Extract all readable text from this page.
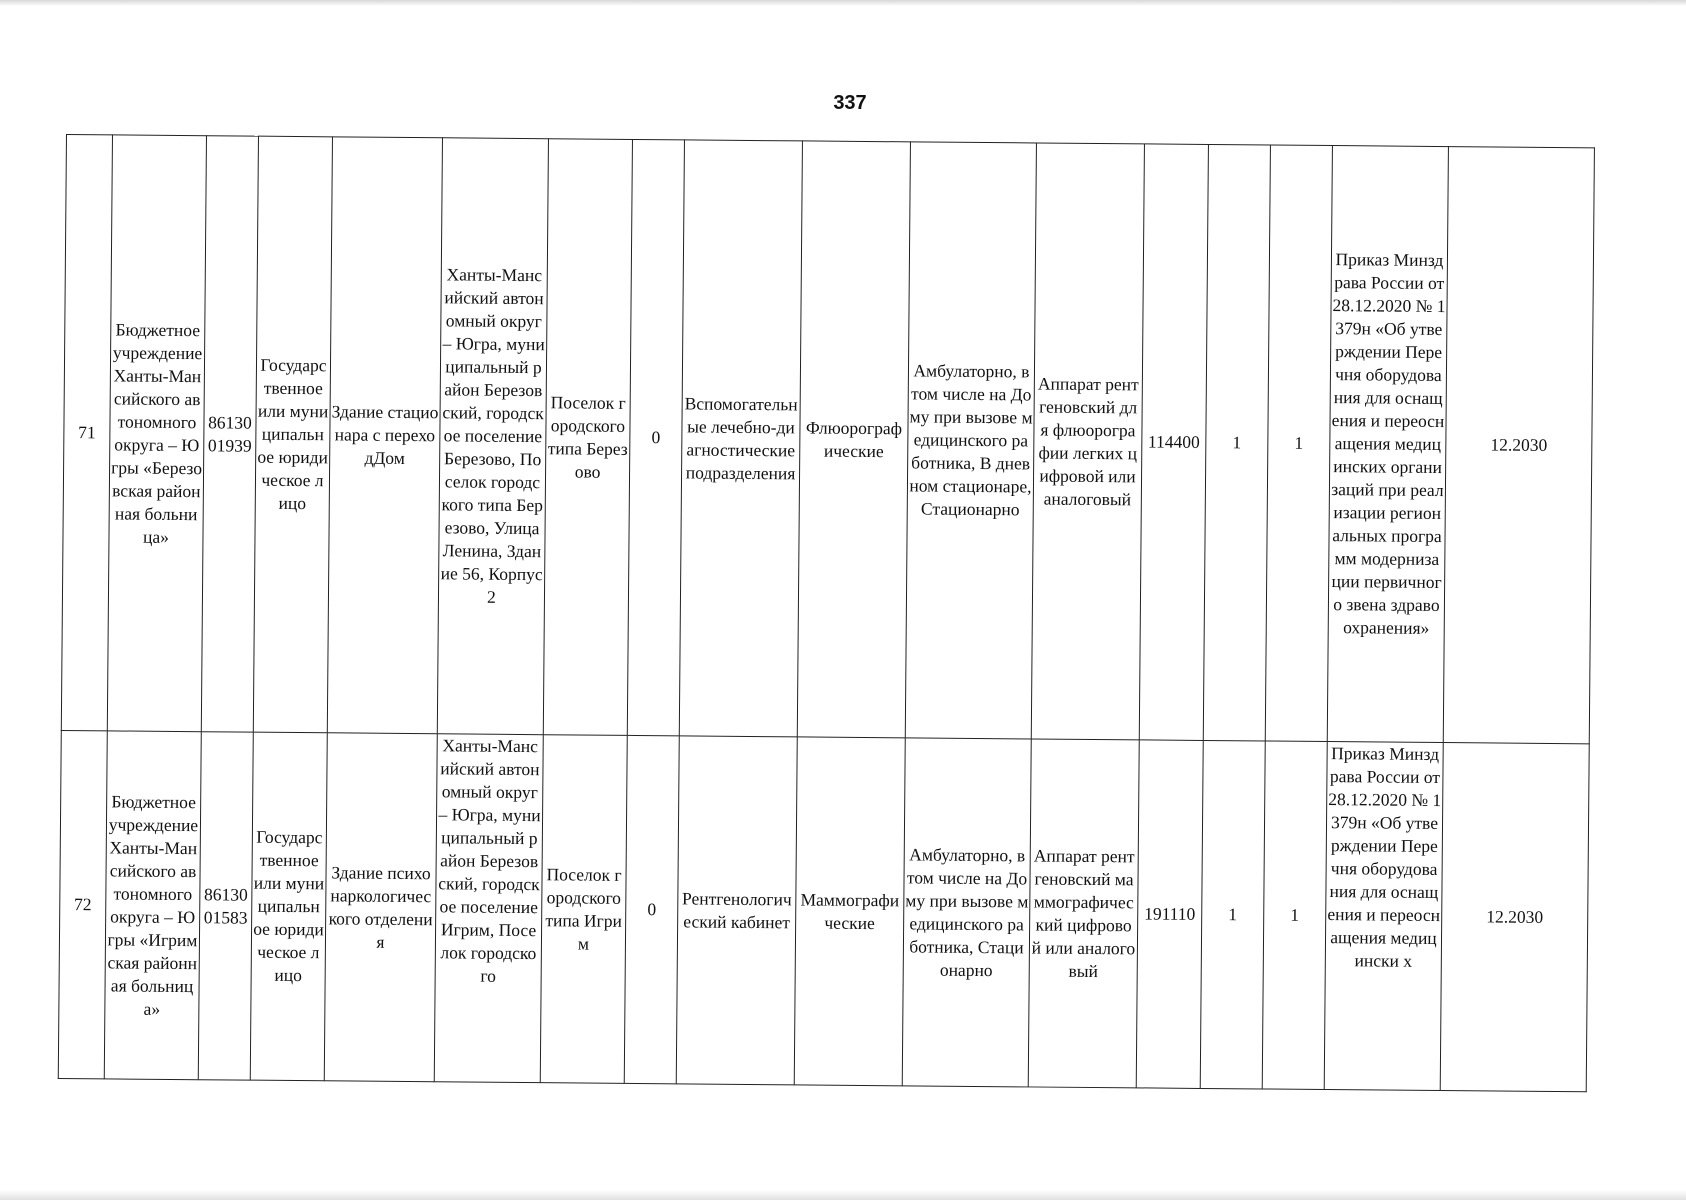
337
71	Бюджетное учреждение Ханты-Мансийского автономного округа – Югры «Березовская районная больница»	8613001939	Государственное или муниципальное юридическое лицо	Здание стационара с переходДом	Ханты-Мансийский автономный округ – Югра, муниципальный район Березовский, городское поселение Березово, Поселок городского типа Березово, Улица Ленина, Здание 56, Корпус 2	Поселок городского типа Березово	0	Вспомогательные лечебно-диагностические подразделения	Флюорографические	Амбулаторно, в том числе на Дому при вызове медицинского работника, В дневном стационаре, Стационарно	Аппарат рентгеновский для флюорографии легких цифровой или аналоговый	114400	1	1	Приказ Минздрава России от 28.12.2020 № 1379н «Об утверждении Перечня оборудования для оснащения и переоснащения медицинских организаций при реализации региональных программ модернизации первичного звена здравоохранения»	12.2030
72	Бюджетное учреждение Ханты-Мансийского автономного округа – Югры «Игримская районная больница»	8613001583	Государственное или муниципальное юридическое лицо	Здание психонаркологического отделения	Ханты-Мансийский автономный округ – Югра, муниципальный район Березовский, городское поселение Игрим, Поселок городского	Поселок городского типа Игрим	0	Рентгенологический кабинет	Маммографические	Амбулаторно, в том числе на Дому при вызове медицинского работника, Стационарно	Аппарат рентгеновский маммографический цифровой или аналоговый	191110	1	1	Приказ Минздрава России от 28.12.2020 № 1379н «Об утверждении Перечня оборудования для оснащения и переоснащения медицински х	12.2030
